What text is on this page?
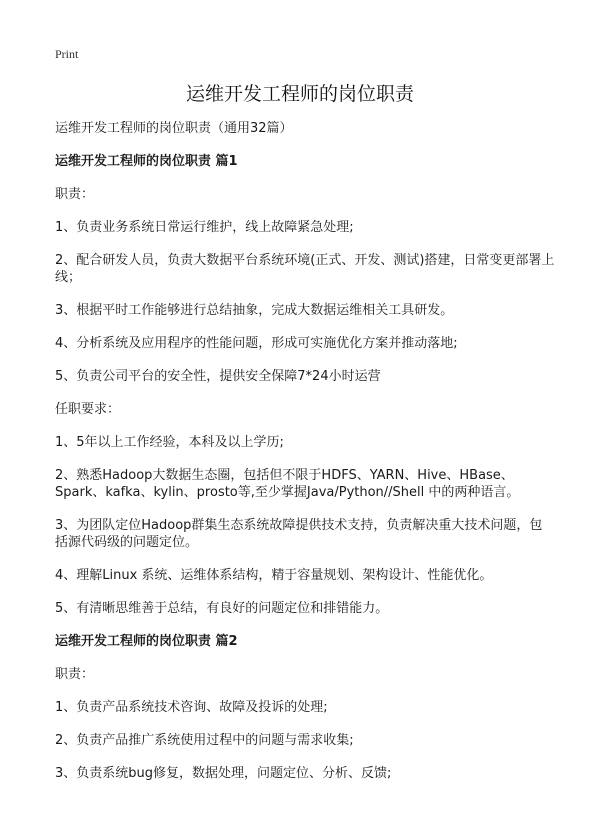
Print
运维开发工程师的岗位职责

运维开发工程师的岗位职责（通用32篇）

运维开发工程师的岗位职责 篇1

职责：

1、负责业务系统日常运行维护，线上故障紧急处理;

2、配合研发人员，负责大数据平台系统环境(正式、开发、测试)搭建，日常变更部署上线；

3、根据平时工作能够进行总结抽象，完成大数据运维相关工具研发。

4、分析系统及应用程序的性能问题，形成可实施优化方案并推动落地;

5、负责公司平台的安全性，提供安全保障7*24小时运营

任职要求：

1、5年以上工作经验，本科及以上学历;

2、熟悉Hadoop大数据生态圈，包括但不限于HDFS、YARN、Hive、HBase、Spark、kafka、kylin、prosto等,至少掌握Java/Python//Shell 中的两种语言。

3、为团队定位Hadoop群集生态系统故障提供技术支持，负责解决重大技术问题，包括源代码级的问题定位。

4、理解Linux 系统、运维体系结构，精于容量规划、架构设计、性能优化。

5、有清晰思维善于总结，有良好的问题定位和排错能力。

运维开发工程师的岗位职责 篇2

职责：

1、负责产品系统技术咨询、故障及投诉的处理;

2、负责产品推广系统使用过程中的问题与需求收集;

3、负责系统bug修复，数据处理，问题定位、分析、反馈;
